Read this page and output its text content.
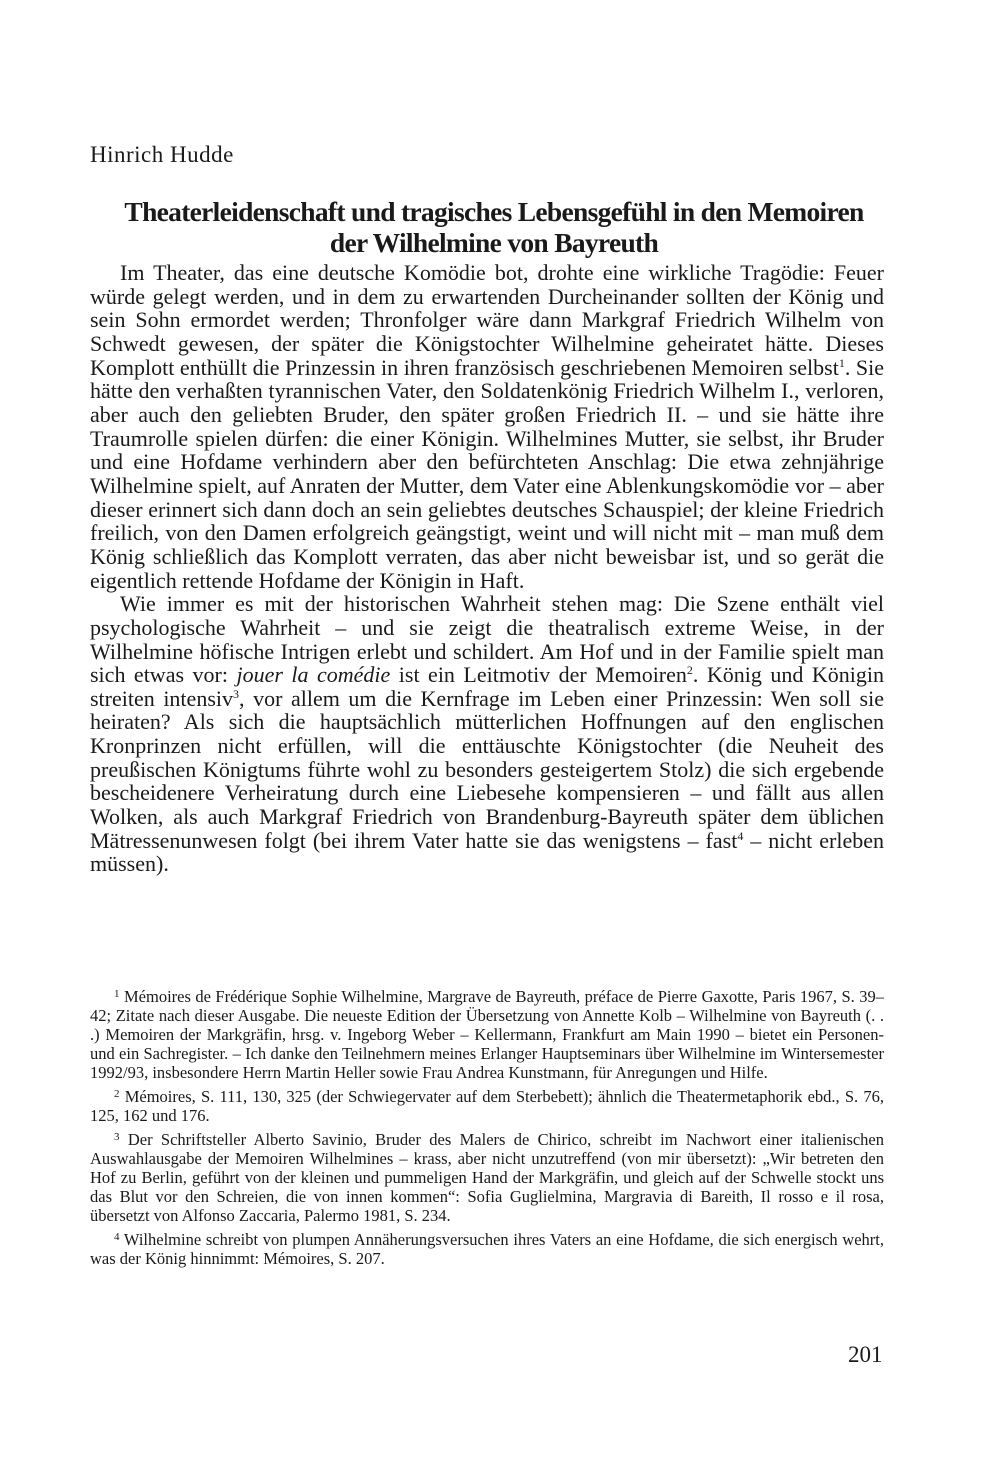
Hinrich Hudde
Theaterleidenschaft und tragisches Lebensgefühl in den Memoiren
der Wilhelmine von Bayreuth

Im Theater, das eine deutsche Komödie bot, drohte eine wirkliche Tragödie: Feuer würde gelegt werden, und in dem zu erwartenden Durcheinander sollten der König und sein Sohn ermordet werden; Thronfolger wäre dann Markgraf Friedrich Wilhelm von Schwedt gewesen, der später die Königstochter Wilhelmine geheiratet hätte. Dieses Komplott enthüllt die Prinzessin in ihren französisch geschriebenen Memoiren selbst$^1$. Sie hätte den verhaßten tyrannischen Vater, den Soldatenkönig Friedrich Wilhelm I., verloren, aber auch den geliebten Bruder, den später großen Friedrich II. – und sie hätte ihre Traumrolle spielen dürfen: die einer Königin. Wilhelmines Mutter, sie selbst, ihr Bruder und eine Hofdame verhindern aber den befürchteten Anschlag: Die etwa zehnjährige Wilhelmine spielt, auf Anraten der Mutter, dem Vater eine Ablenkungskomödie vor – aber dieser erinnert sich dann doch an sein geliebtes deutsches Schauspiel; der kleine Friedrich freilich, von den Damen erfolgreich geängstigt, weint und will nicht mit – man muß dem König schließlich das Komplott verraten, das aber nicht beweisbar ist, und so gerät die eigentlich rettende Hofdame der Königin in Haft.

Wie immer es mit der historischen Wahrheit stehen mag: Die Szene enthält viel psychologische Wahrheit – und sie zeigt die theatralisch extreme Weise, in der Wilhelmine höfische Intrigen erlebt und schildert. Am Hof und in der Familie spielt man sich etwas vor: jouer la comédie ist ein Leitmotiv der Memoiren$^2$. König und Königin streiten intensiv$^3$, vor allem um die Kernfrage im Leben einer Prinzessin: Wen soll sie heiraten? Als sich die hauptsächlich mütterlichen Hoffnungen auf den englischen Kronprinzen nicht erfüllen, will die enttäuschte Königstochter (die Neuheit des preußischen Königtums führte wohl zu besonders gesteigertem Stolz) die sich ergebende bescheidenere Verheiratung durch eine Liebesehe kompensieren – und fällt aus allen Wolken, als auch Markgraf Friedrich von Brandenburg-Bayreuth später dem üblichen Mätressenunwesen folgt (bei ihrem Vater hatte sie das wenigstens – fast$^4$ – nicht erleben müssen).

$^1$ Mémoires de Frédérique Sophie Wilhelmine, Margrave de Bayreuth, préface de Pierre Gaxotte, Paris 1967, S. 39–42; Zitate nach dieser Ausgabe. Die neueste Edition der Übersetzung von Annette Kolb – Wilhelmine von Bayreuth (. . .) Memoiren der Markgräfin, hrsg. v. Ingeborg Weber – Kellermann, Frankfurt am Main 1990 – bietet ein Personen- und ein Sachregister. – Ich danke den Teilnehmern meines Erlanger Hauptseminars über Wilhelmine im Wintersemester 1992/93, insbesondere Herrn Martin Heller sowie Frau Andrea Kunstmann, für Anregungen und Hilfe.

$^2$ Mémoires, S. 111, 130, 325 (der Schwiegervater auf dem Sterbebett); ähnlich die Theatermetaphorik ebd., S. 76, 125, 162 und 176.

$^3$ Der Schriftsteller Alberto Savinio, Bruder des Malers de Chirico, schreibt im Nachwort einer italienischen Auswahlausgabe der Memoiren Wilhelmines – krass, aber nicht unzutreffend (von mir übersetzt): „Wir betreten den Hof zu Berlin, geführt von der kleinen und pummeligen Hand der Markgräfin, und gleich auf der Schwelle stockt uns das Blut vor den Schreien, die von innen kommen“: Sofia Guglielmina, Margravia di Bareith, Il rosso e il rosa, übersetzt von Alfonso Zaccaria, Palermo 1981, S. 234.

$^4$ Wilhelmine schreibt von plumpen Annäherungsversuchen ihres Vaters an eine Hofdame, die sich energisch wehrt, was der König hinnimmt: Mémoires, S. 207.

201
